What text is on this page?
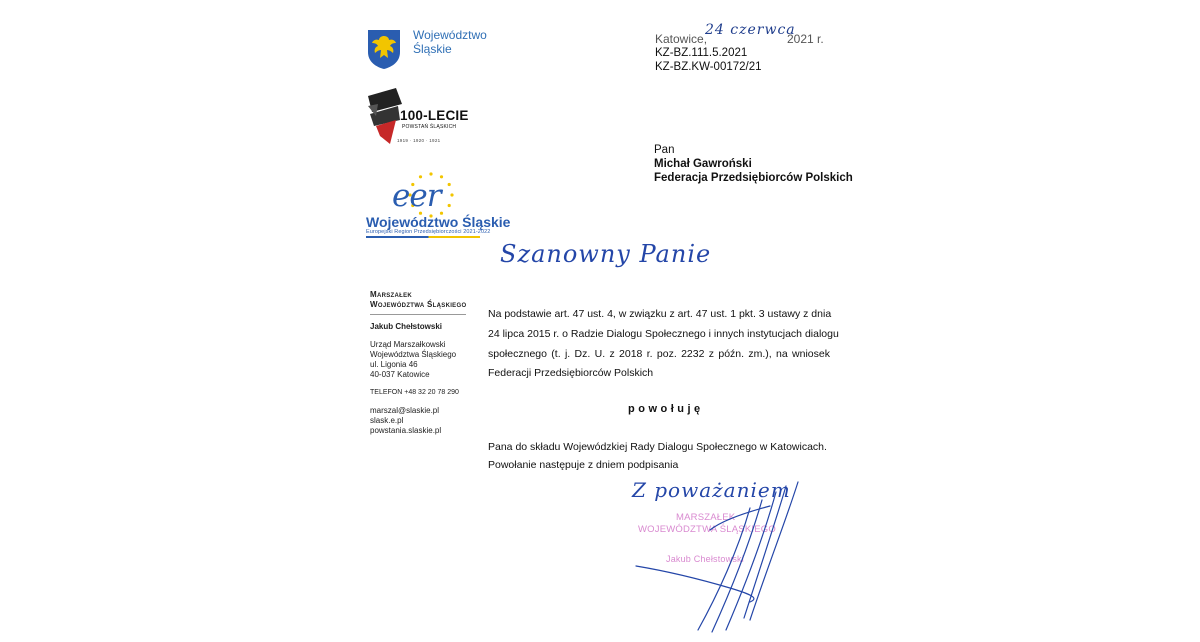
Województwo
Śląskie
100-LECIE
POWSTAŃ ŚLĄSKICH
1919 · 1920 · 1921
eer
Województwo Śląskie
Europejski Region Przedsiębiorczości 2021-2022
Katowice,
24 czerwca
2021 r.
KZ-BZ.111.5.2021
KZ-BZ.KW-00172/21
Pan
Michał Gawroński
Federacja Przedsiębiorców Polskich
Szanowny Panie
Marszałek
Województwa Śląskiego
Jakub Chełstowski
Urząd Marszałkowski
Województwa Śląskiego
ul. Ligonia 46
40-037 Katowice
TELEFON +48 32 20 78 290
marszal@slaskie.pl
slask.e.pl
powstania.slaskie.pl
Na podstawie art. 47 ust. 4, w związku z art. 47 ust. 1 pkt. 3 ustawy z dnia
24 lipca 2015 r. o Radzie Dialogu Społecznego i innych instytucjach dialogu
społecznego (t. j. Dz. U. z 2018 r. poz. 2232 z późn. zm.), na wniosek
Federacji Przedsiębiorców Polskich
powołuję
Pana do składu Wojewódzkiej Rady Dialogu Społecznego w Katowicach.
Powołanie następuje z dniem podpisania
Z poważaniem
MARSZAŁEK
WOJEWÓDZTWA ŚLĄSKIEGO
Jakub Chełstowski
